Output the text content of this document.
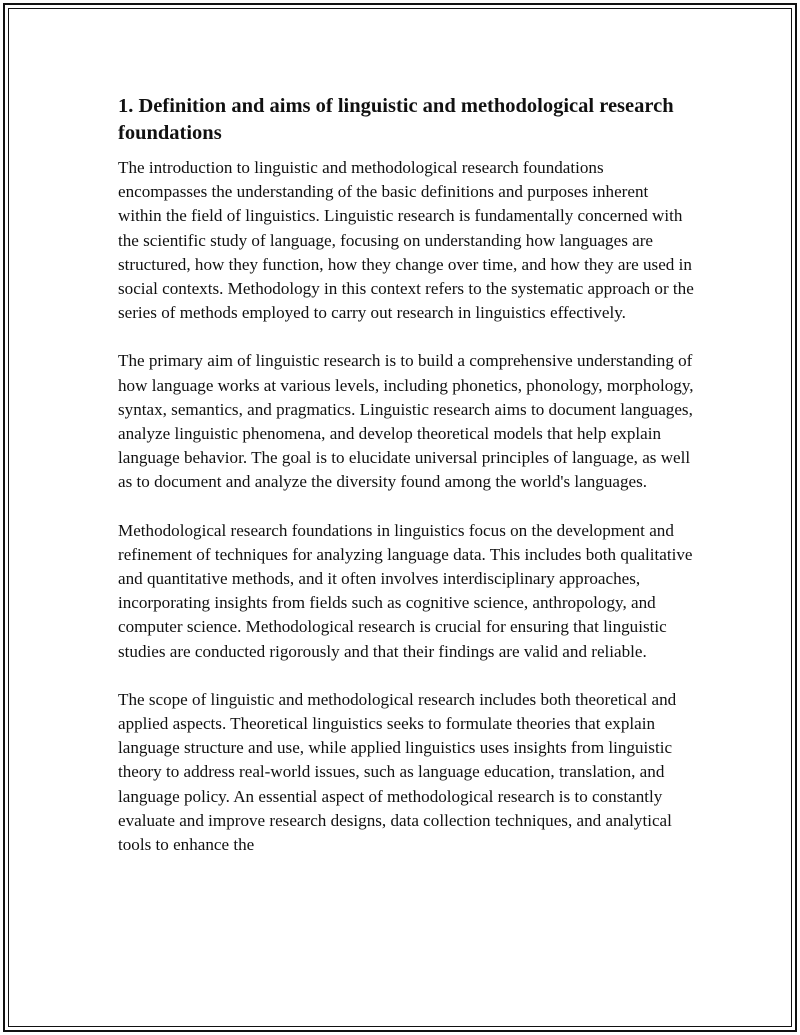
1. Definition and aims of linguistic and methodological research foundations

The introduction to linguistic and methodological research foundations encompasses the understanding of the basic definitions and purposes inherent within the field of linguistics. Linguistic research is fundamentally concerned with the scientific study of language, focusing on understanding how languages are structured, how they function, how they change over time, and how they are used in social contexts. Methodology in this context refers to the systematic approach or the series of methods employed to carry out research in linguistics effectively.

The primary aim of linguistic research is to build a comprehensive understanding of how language works at various levels, including phonetics, phonology, morphology, syntax, semantics, and pragmatics. Linguistic research aims to document languages, analyze linguistic phenomena, and develop theoretical models that help explain language behavior. The goal is to elucidate universal principles of language, as well as to document and analyze the diversity found among the world's languages.

Methodological research foundations in linguistics focus on the development and refinement of techniques for analyzing language data. This includes both qualitative and quantitative methods, and it often involves interdisciplinary approaches, incorporating insights from fields such as cognitive science, anthropology, and computer science. Methodological research is crucial for ensuring that linguistic studies are conducted rigorously and that their findings are valid and reliable.

The scope of linguistic and methodological research includes both theoretical and applied aspects. Theoretical linguistics seeks to formulate theories that explain language structure and use, while applied linguistics uses insights from linguistic theory to address real-world issues, such as language education, translation, and language policy. An essential aspect of methodological research is to constantly evaluate and improve research designs, data collection techniques, and analytical tools to enhance the
